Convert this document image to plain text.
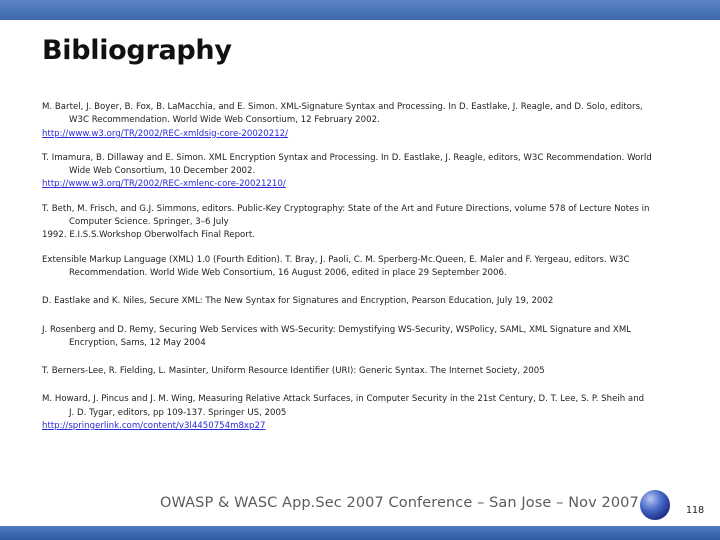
Bibliography
M. Bartel, J. Boyer, B. Fox, B. LaMacchia, and E. Simon. XML-Signature Syntax and Processing. In D. Eastlake, J. Reagle, and D. Solo, editors,
W3C Recommendation. World Wide Web Consortium, 12 February 2002.
http://www.w3.org/TR/2002/REC-xmldsig-core-20020212/
T. Imamura, B. Dillaway and E. Simon. XML Encryption Syntax and Processing. In D. Eastlake, J. Reagle, editors, W3C Recommendation. World
Wide Web Consortium, 10 December 2002.
http://www.w3.org/TR/2002/REC-xmlenc-core-20021210/
T. Beth, M. Frisch, and G.J. Simmons, editors. Public-Key Cryptography: State of the Art and Future Directions, volume 578 of Lecture Notes in
Computer Science. Springer, 3–6 July
1992. E.I.S.S.Workshop Oberwolfach Final Report.
Extensible Markup Language (XML) 1.0 (Fourth Edition). T. Bray, J. Paoli, C. M. Sperberg-Mc.Queen, E. Maler and F. Yergeau, editors. W3C
Recommendation. World Wide Web Consortium, 16 August 2006, edited in place 29 September 2006.
D. Eastlake and K. Niles, Secure XML: The New Syntax for Signatures and Encryption, Pearson Education, July 19, 2002
J. Rosenberg and D. Remy, Securing Web Services with WS-Security: Demystifying WS-Security, WSPolicy, SAML, XML Signature and XML
Encryption, Sams, 12 May 2004
T. Berners-Lee, R. Fielding, L. Masinter, Uniform Resource Identifier (URI): Generic Syntax. The Internet Society, 2005
M. Howard, J. Pincus and J. M. Wing, Measuring Relative Attack Surfaces, in Computer Security in the 21st Century, D. T. Lee, S. P. Sheih and
J. D. Tygar, editors, pp 109-137. Springer US, 2005
http://springerlink.com/content/v3l4450754m8xp27
OWASP & WASC App.Sec 2007 Conference – San Jose – Nov 2007	118
